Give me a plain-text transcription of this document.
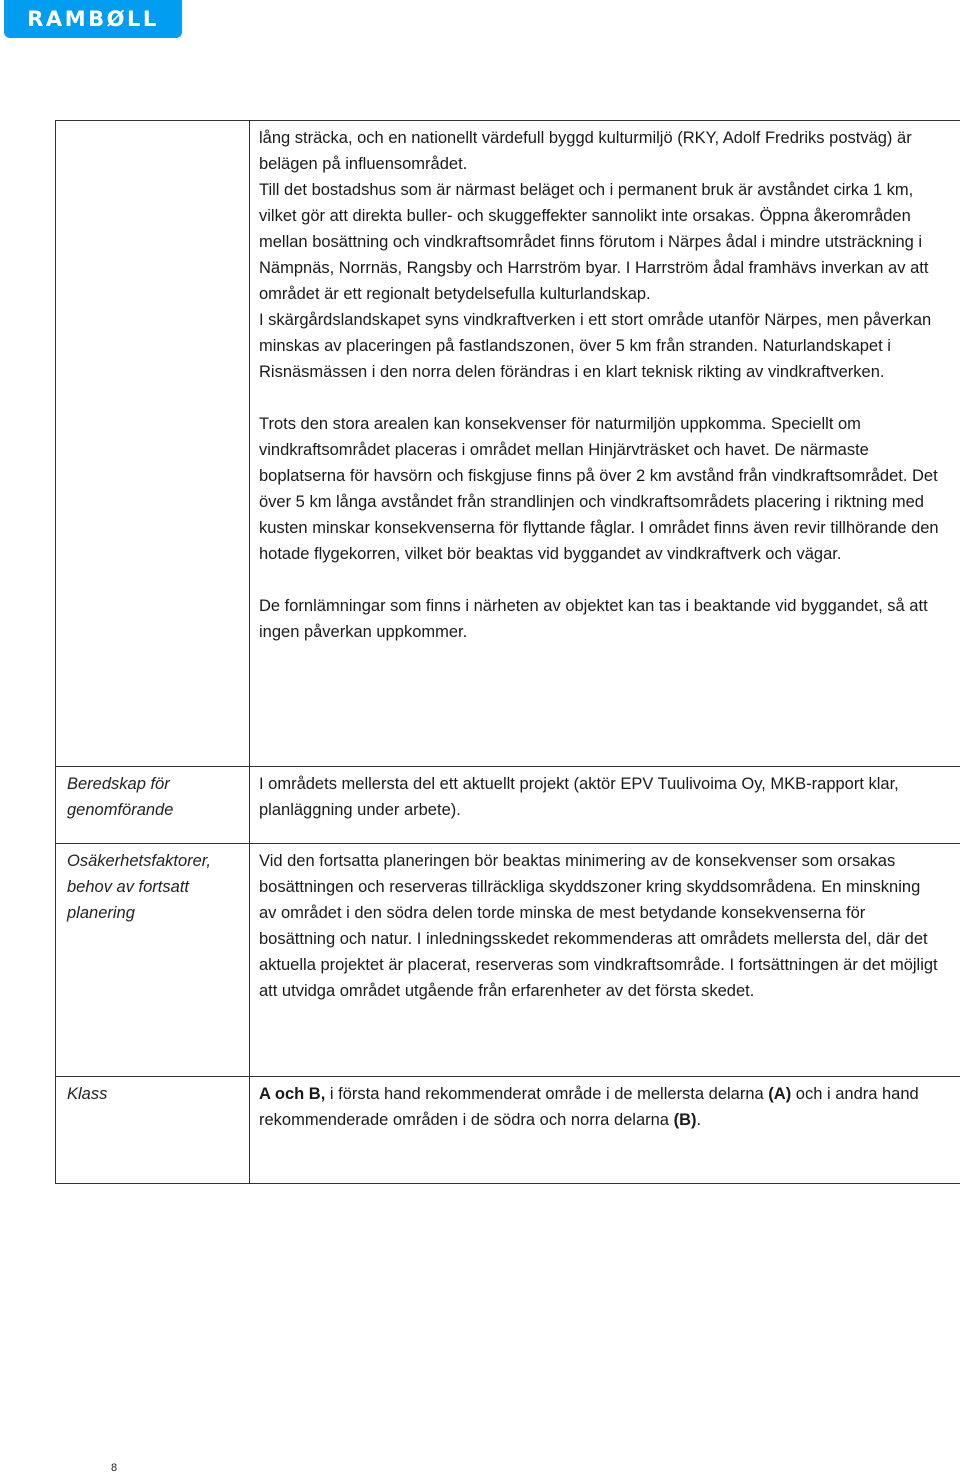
RAMBØLL

	lång sträcka, och en nationellt värdefull byggd kulturmiljö (RKY, Adolf Fredriks postväg) är belägen på influensområdet.

Till det bostadshus som är närmast beläget och i permanent bruk är avståndet cirka 1 km, vilket gör att direkta buller- och skuggeffekter sannolikt inte orsakas. Öppna åkerområden mellan bosättning och vindkraftsområdet finns förutom i Närpes ådal i mindre utsträckning i Nämpnäs, Norrnäs, Rangsby och Harrström byar. I Harrström ådal framhävs inverkan av att området är ett regionalt betydelsefulla kulturlandskap.

I skärgårdslandskapet syns vindkraftverken i ett stort område utanför Närpes, men påverkan minskas av placeringen på fastlandszonen, över 5 km från stranden. Naturlandskapet i Risnäsmässen i den norra delen förändras i en klart teknisk rikting av vindkraftverken.

Trots den stora arealen kan konsekvenser för naturmiljön uppkomma. Speciellt om vindkraftsområdet placeras i området mellan Hinjärvträsket och havet. De närmaste boplatserna för havsörn och fiskgjuse finns på över 2 km avstånd från vindkraftsområdet. Det över 5 km långa avståndet från strandlinjen och vindkraftsområdets placering i riktning med kusten minskar konsekvenserna för flyttande fåglar. I området finns även revir tillhörande den hotade flygekorren, vilket bör beaktas vid byggandet av vindkraftverk och vägar.

De fornlämningar som finns i närheten av objektet kan tas i beaktande vid byggandet, så att ingen påverkan uppkommer.

Beredskap för genomförande	I områdets mellersta del ett aktuellt projekt (aktör EPV Tuulivoima Oy, MKB-rapport klar, planläggning under arbete).
Osäkerhetsfaktorer, behov av fortsatt planering	Vid den fortsatta planeringen bör beaktas minimering av de konsekvenser som orsakas bosättningen och reserveras tillräckliga skyddszoner kring skyddsområdena. En minskning av området i den södra delen torde minska de mest betydande konsekvenserna för bosättning och natur. I inledningsskedet rekommenderas att områdets mellersta del, där det aktuella projektet är placerat, reserveras som vindkraftsområde. I fortsättningen är det möjligt att utvidga området utgående från erfarenheter av det första skedet.
Klass	A och B, i första hand rekommenderat område i de mellersta delarna (A) och i andra hand rekommenderade områden i de södra och norra delarna (B).
8
